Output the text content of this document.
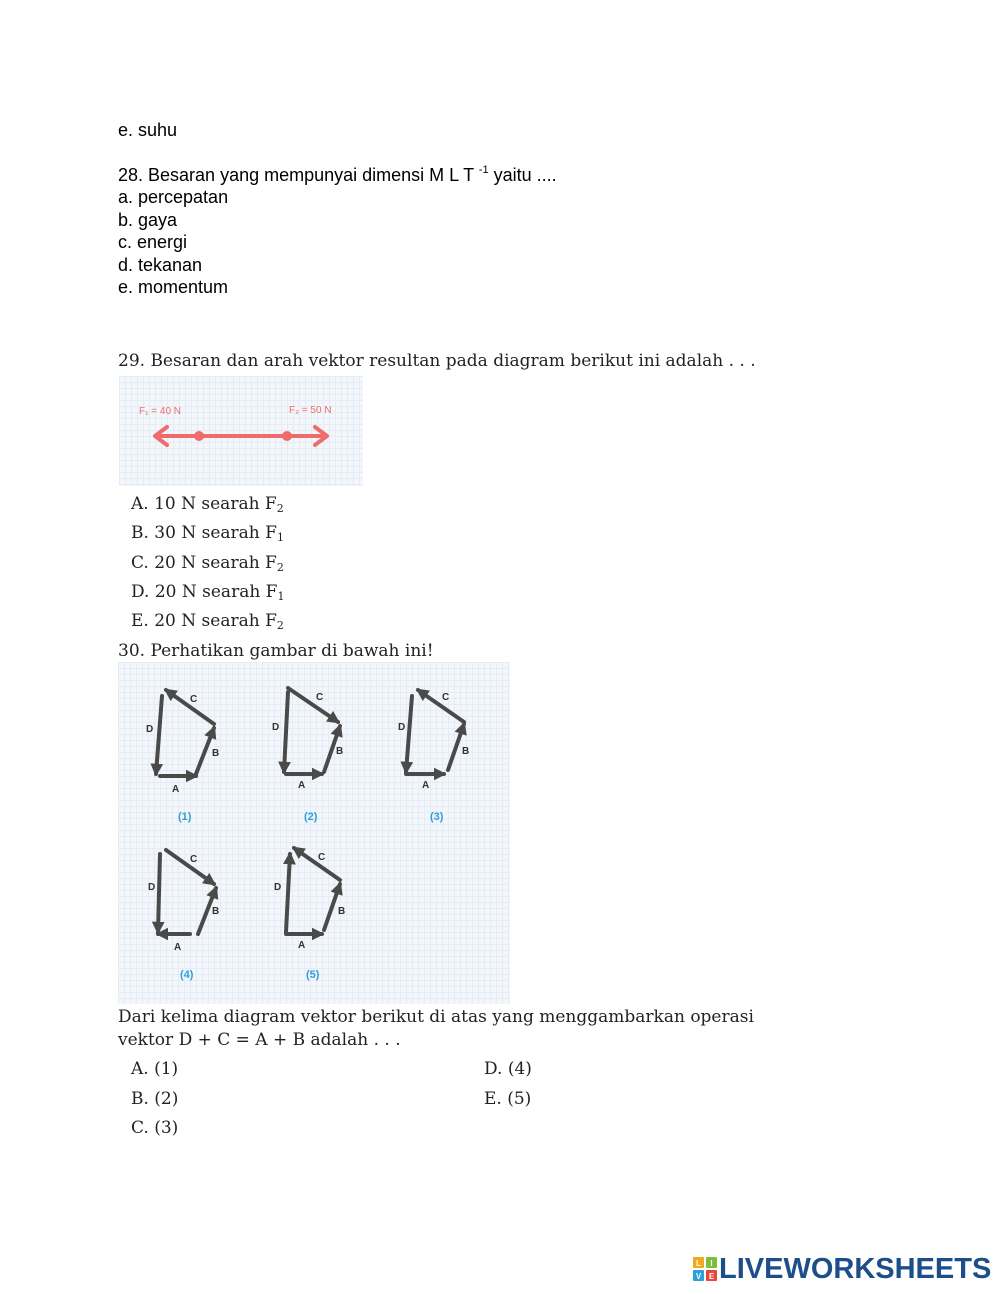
e. suhu
28. Besaran yang mempunyai dimensi M L T $^{-1}$ yaitu ....
a. percepatan
b. gaya
c. energi
d. tekanan
e. momentum
29. Besaran dan arah vektor resultan pada diagram berikut ini adalah . . .
F₁ = 40 N	F₂ = 50 N
A. 10 N searah $F_2$
B. 30 N searah $F_1$
C. 20 N searah $F_2$
D. 20 N searah $F_1$
E. 20 N searah $F_2$
30. Perhatikan gambar di bawah ini!
D
C
B
A
D
C
B
A
D
C
B
A
D
C
B
A
D
C
B
A
(1)	(2)	(3)
(4)	(5)
Dari kelima diagram vektor berikut di atas yang menggambarkan operasi
vektor D + C = A + B adalah . . .
A. (1)
B. (2)
C. (3)
D. (4)
E. (5)
L I
V E LIVEWORKSHEETS
